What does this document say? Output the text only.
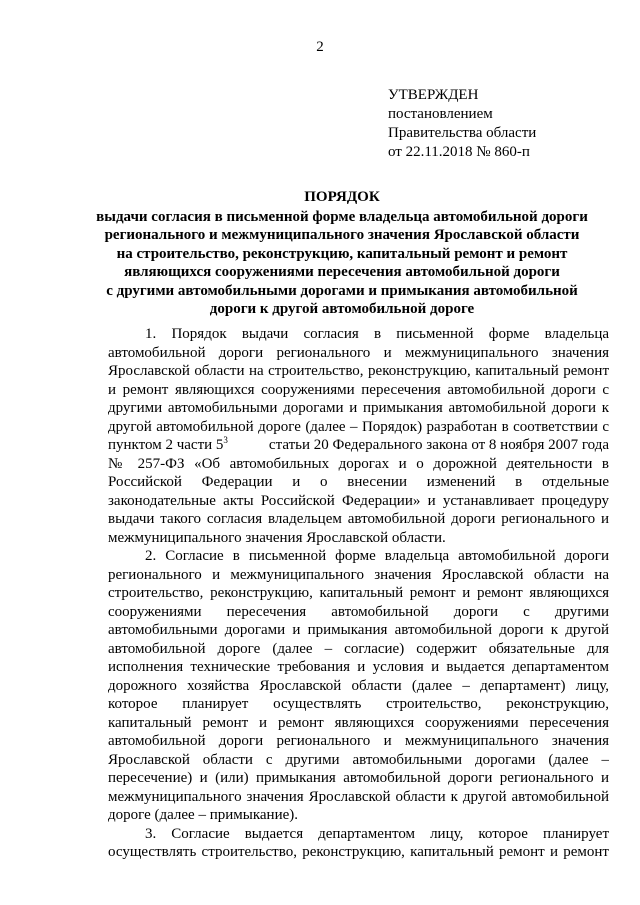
2
УТВЕРЖДЕН
постановлением
Правительства области
от 22.11.2018 № 860-п
ПОРЯДОК
выдачи согласия в письменной форме владельца автомобильной дороги
регионального и межмуниципального значения Ярославской области
на строительство, реконструкцию, капитальный ремонт и ремонт
являющихся сооружениями пересечения автомобильной дороги
с другими автомобильными дорогами и примыкания автомобильной
дороги к другой автомобильной дороге
1. Порядок выдачи согласия в письменной форме владельца
автомобильной дороги регионального и межмуниципального значения
Ярославской области на строительство, реконструкцию, капитальный ремонт
и ремонт являющихся сооружениями пересечения автомобильной дороги с
другими автомобильными дорогами и примыкания автомобильной дороги к
другой автомобильной дороге (далее – Порядок) разработан в соответствии с
пунктом 2 части $5^3$ статьи 20 Федерального закона от 8 ноября 2007 года
№ 257-ФЗ «Об автомобильных дорогах и о дорожной деятельности в
Российской Федерации и о внесении изменений в отдельные
законодательные акты Российской Федерации» и устанавливает процедуру
выдачи такого согласия владельцем автомобильной дороги регионального и
межмуниципального значения Ярославской области.
2. Согласие в письменной форме владельца автомобильной дороги
регионального и межмуниципального значения Ярославской области на
строительство, реконструкцию, капитальный ремонт и ремонт являющихся
сооружениями пересечения автомобильной дороги с другими
автомобильными дорогами и примыкания автомобильной дороги к другой
автомобильной дороге (далее – согласие) содержит обязательные для
исполнения технические требования и условия и выдается департаментом
дорожного хозяйства Ярославской области (далее – департамент) лицу,
которое планирует осуществлять строительство, реконструкцию,
капитальный ремонт и ремонт являющихся сооружениями пересечения
автомобильной дороги регионального и межмуниципального значения
Ярославской области с другими автомобильными дорогами (далее –
пересечение) и (или) примыкания автомобильной дороги регионального и
межмуниципального значения Ярославской области к другой автомобильной
дороге (далее – примыкание).
3. Согласие выдается департаментом лицу, которое планирует
осуществлять строительство, реконструкцию, капитальный ремонт и ремонт
